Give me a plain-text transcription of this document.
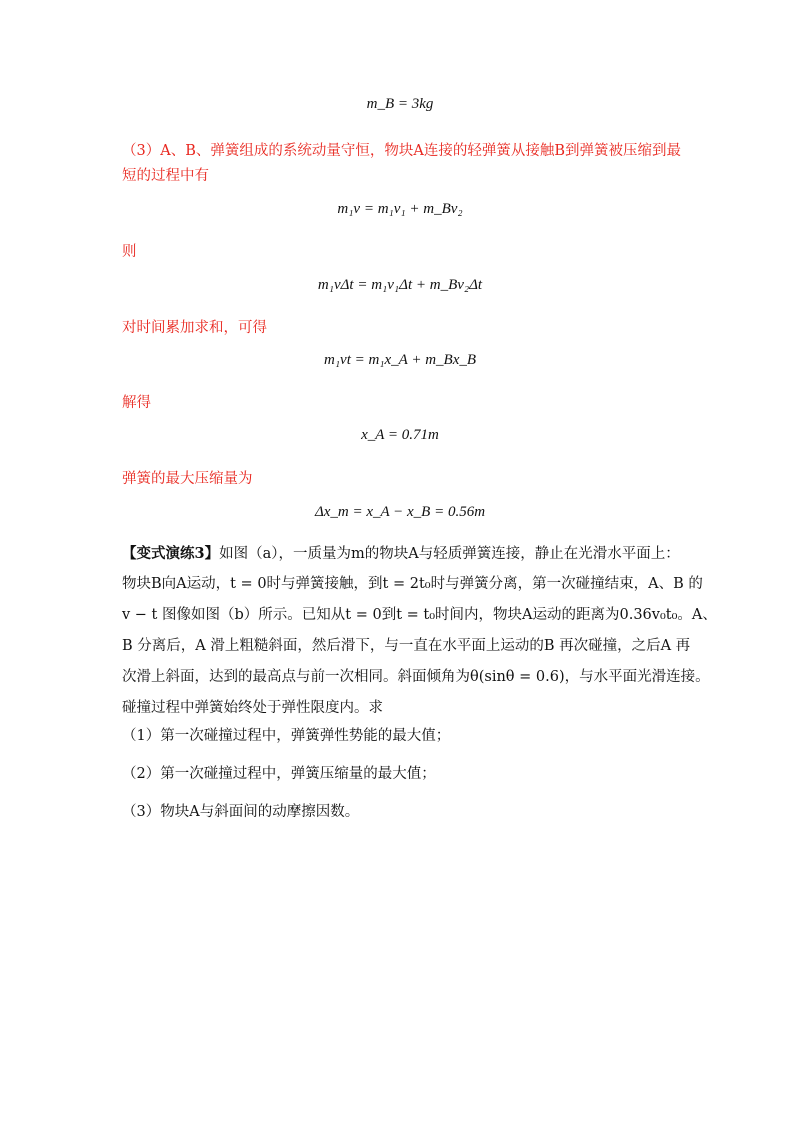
m_B = 3kg
（3）A、B、弹簧组成的系统动量守恒，物块A连接的轻弹簧从接触B到弹簧被压缩到最
短的过程中有
m₁v = m₁v₁ + m_Bv₂
则
m₁vΔt = m₁v₁Δt + m_Bv₂Δt
对时间累加求和，可得
m₁vt = m₁x_A + m_Bx_B
解得
x_A = 0.71m
弹簧的最大压缩量为
Δx_m = x_A − x_B = 0.56m
【变式演练3】如图（a），一质量为m的物块A与轻质弹簧连接，静止在光滑水平面上：
物块B向A运动，t = 0时与弹簧接触，到t = 2t₀时与弹簧分离，第一次碰撞结束，A、B 的
v − t 图像如图（b）所示。已知从t = 0到t = t₀时间内，物块A运动的距离为0.36v₀t₀。A、
B 分离后，A 滑上粗糙斜面，然后滑下，与一直在水平面上运动的B 再次碰撞，之后A 再
次滑上斜面，达到的最高点与前一次相同。斜面倾角为θ(sinθ = 0.6)，与水平面光滑连接。
碰撞过程中弹簧始终处于弹性限度内。求
（1）第一次碰撞过程中，弹簧弹性势能的最大值；
（2）第一次碰撞过程中，弹簧压缩量的最大值；
（3）物块A与斜面间的动摩擦因数。
